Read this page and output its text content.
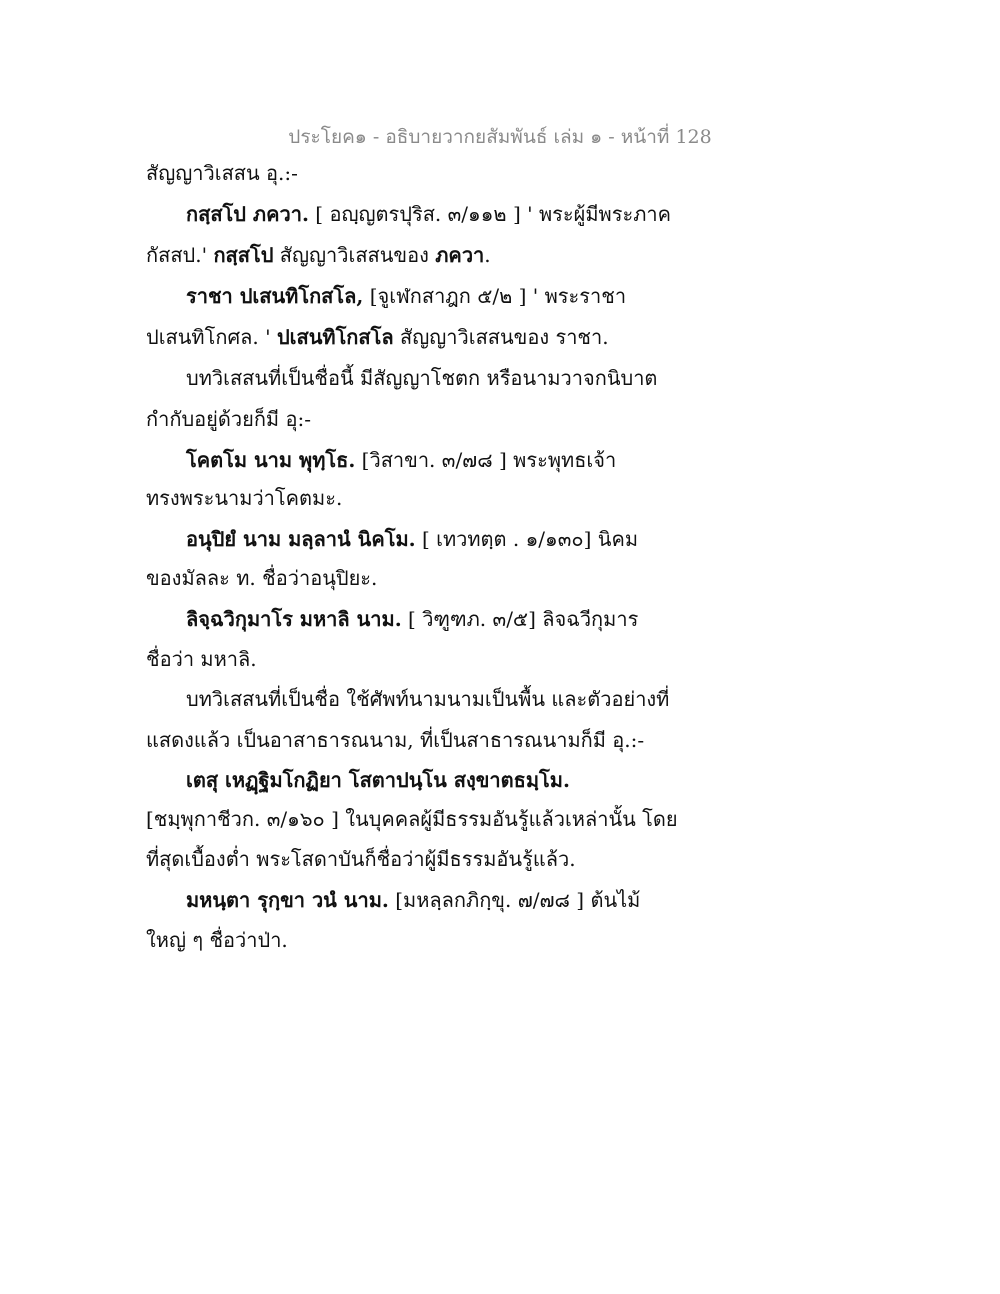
ประโยค๑ - อธิบายวากยสัมพันธ์ เล่ม ๑ - หน้าที่ 128
สัญญาวิเสสน อุ.:-
กสฺสโป ภควา. [ อญฺญตรปุริส. ๓/๑๑๒ ] ' พระผู้มีพระภาค
กัสสป.' กสฺสโป สัญญาวิเสสนของ ภควา.
ราชา ปเสนทิโกสโล, [จูเฬกสาฎก ๕/๒ ] ' พระราชา
ปเสนทิโกศล. ' ปเสนทิโกสโล สัญญาวิเสสนของ ราชา.
บทวิเสสนที่เป็นชื่อนี้ มีสัญญาโชตก หรือนามวาจกนิบาต
กำกับอยู่ด้วยก็มี อุ:-
โคตโม นาม พุทฺโธ. [วิสาขา. ๓/๗๘ ] พระพุทธเจ้า
ทรงพระนามว่าโคตมะ.
อนุปิยํ นาม มลฺลานํ นิคโม. [ เทวทตฺต . ๑/๑๓๐] นิคม
ของมัลละ ท. ชื่อว่าอนุปิยะ.
ลิจฺฉวิกุมาโร มหาลิ นาม. [ วิฑูฑภ. ๓/๕] ลิจฉวีกุมาร
ชื่อว่า มหาลิ.
บทวิเสสนที่เป็นชื่อ ใช้ศัพท์นามนามเป็นพื้น และตัวอย่างที่
แสดงแล้ว เป็นอาสาธารณนาม, ที่เป็นสาธารณนามก็มี อุ.:-
เตสุ เหฏฺฐิมโกฏิยา โสตาปนฺโน สงฺขาตธมฺโม.
[ชมฺพุกาชีวก. ๓/๑๖๐ ] ในบุคคลผู้มีธรรมอันรู้แล้วเหล่านั้น โดย
ที่สุดเบื้องต่ำ พระโสดาบันก็ชื่อว่าผู้มีธรรมอันรู้แล้ว.
มหนฺตา รุกฺขา วนํ นาม. [มหลฺลกภิกฺขุ. ๗/๗๘ ] ต้นไม้
ใหญ่ ๆ ชื่อว่าป่า.
